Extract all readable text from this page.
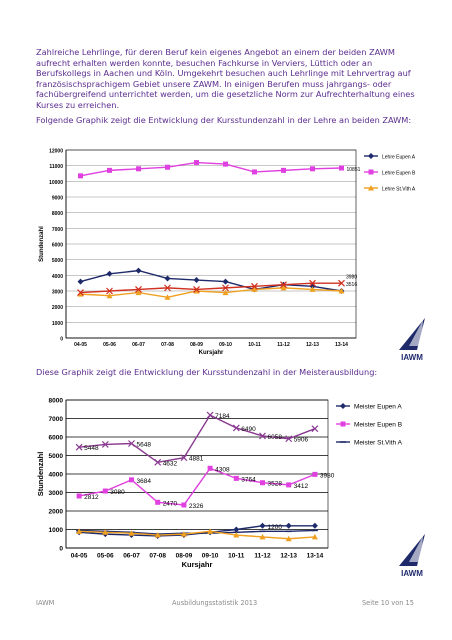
Zahlreiche Lehrlinge, für deren Beruf kein eigenes Angebot an einem der beiden ZAWM aufrecht erhalten werden konnte, besuchen Fachkurse in Verviers, Lüttich oder an Berufskollegs in Aachen und Köln. Umgekehrt besuchen auch Lehrlinge mit Lehrvertrag auf französischsprachigem Gebiet unsere ZAWM. In einigen Berufen muss jahrgangs- oder fachübergreifend unterrichtet werden, um die gesetzliche Norm zur Aufrechterhaltung eines Kurses zu erreichen.

Folgende Graphik zeigt die Entwicklung der Kursstundenzahl in der Lehre an beiden ZAWM:

0
1000
2000
3000
4000
5000
6000
7000
8000
9000
10000
11000
12000
04-05	05-06	06-07	07-08	08-09	09-10	10-11	11-12	12-13	13-14
Kursjahr
Stundenzahl
Lehre Eupen A
Lehre Eupen B
Lehre St.Vith A
10851
3980
3516
IAWM

Diese Graphik zeigt die Entwicklung der Kursstundenzahl in der Meisterausbildung:

0
1000
2000
3000
4000
5000
6000
7000
8000
04-05 05-06 06-07 07-08 08-09 09-10 10-11 11-12 12-13 13-14
Kursjahr
Stundenzahl
Meister Eupen A
Meister Eupen B
Meister St.Vith A
5448
5648
4632
4881
7184
6490
6058 5906
2812
3080
3684
2470 2326
4308
3764
3528 3412
3980
1200
IAWM
IAWM	Ausbildungsstatistik 2013	Seite 10 von 15
